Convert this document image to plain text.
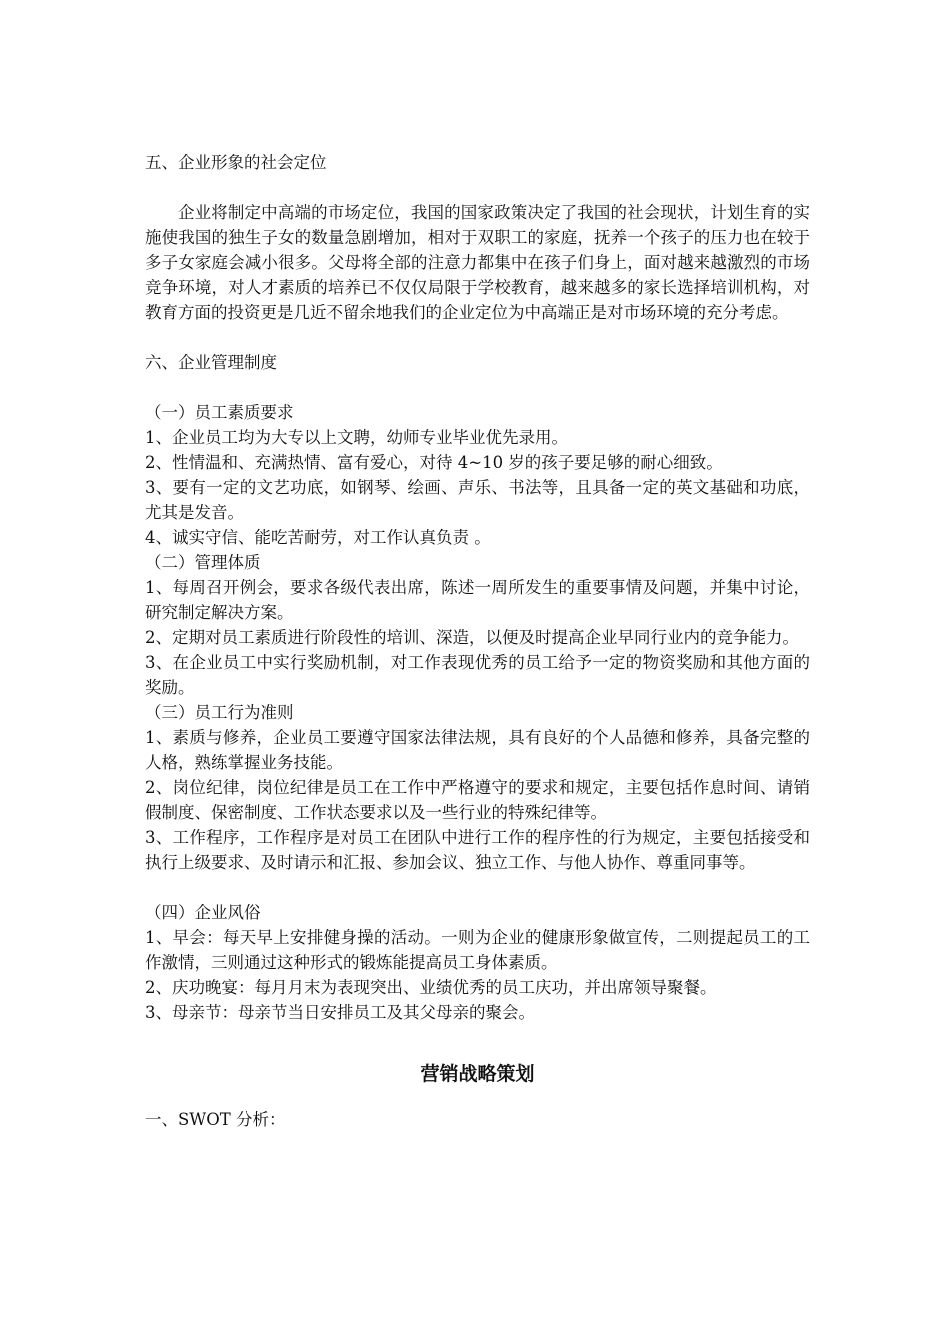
五、企业形象的社会定位
企业将制定中高端的市场定位，我国的国家政策决定了我国的社会现状，计划生育的实施使我国的独生子女的数量急剧增加，相对于双职工的家庭，抚养一个孩子的压力也在较于多子女家庭会减小很多。父母将全部的注意力都集中在孩子们身上，面对越来越激烈的市场竞争环境，对人才素质的培养已不仅仅局限于学校教育，越来越多的家长选择培训机构，对教育方面的投资更是几近不留余地我们的企业定位为中高端正是对市场环境的充分考虑。
六、企业管理制度
（一）员工素质要求
1、企业员工均为大专以上文聘，幼师专业毕业优先录用。
2、性情温和、充满热情、富有爱心，对待 4~10 岁的孩子要足够的耐心细致。
3、要有一定的文艺功底，如钢琴、绘画、声乐、书法等，且具备一定的英文基础和功底，尤其是发音。
4、诚实守信、能吃苦耐劳，对工作认真负责 。
（二）管理体质
1、每周召开例会，要求各级代表出席，陈述一周所发生的重要事情及问题，并集中讨论，研究制定解决方案。
2、定期对员工素质进行阶段性的培训、深造，以便及时提高企业早同行业内的竞争能力。
3、在企业员工中实行奖励机制，对工作表现优秀的员工给予一定的物资奖励和其他方面的奖励。
（三）员工行为准则
1、素质与修养，企业员工要遵守国家法律法规，具有良好的个人品德和修养，具备完整的人格，熟练掌握业务技能。
2、岗位纪律，岗位纪律是员工在工作中严格遵守的要求和规定，主要包括作息时间、请销假制度、保密制度、工作状态要求以及一些行业的特殊纪律等。
3、工作程序，工作程序是对员工在团队中进行工作的程序性的行为规定，主要包括接受和执行上级要求、及时请示和汇报、参加会议、独立工作、与他人协作、尊重同事等。
（四）企业风俗
1、早会：每天早上安排健身操的活动。一则为企业的健康形象做宣传，二则提起员工的工作激情，三则通过这种形式的锻炼能提高员工身体素质。
2、庆功晚宴：每月月末为表现突出、业绩优秀的员工庆功，并出席领导聚餐。
3、母亲节：母亲节当日安排员工及其父母亲的聚会。
营销战略策划
一、SWOT 分析：
